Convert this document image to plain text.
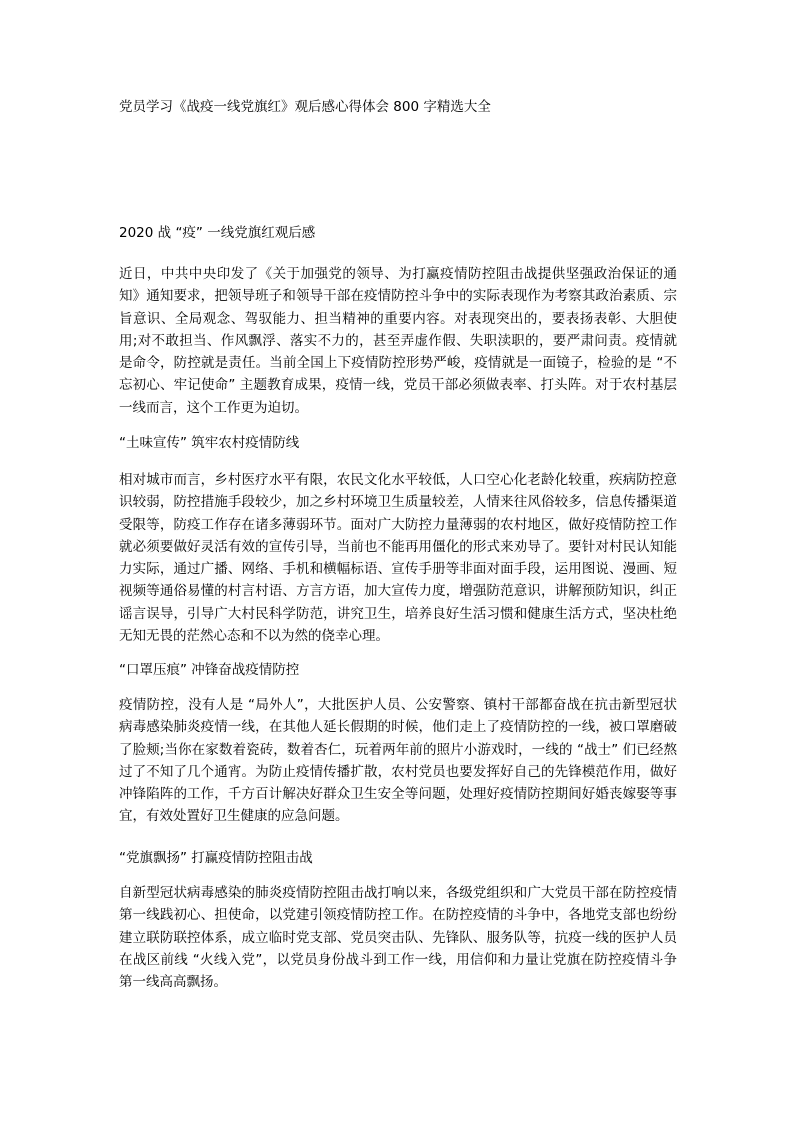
党员学习《战疫一线党旗红》观后感心得体会 800 字精选大全
2020 战 “疫” 一线党旗红观后感
近日，中共中央印发了《关于加强党的领导、为打赢疫情防控阻击战提供坚强政治保证的通知》通知要求，把领导班子和领导干部在疫情防控斗争中的实际表现作为考察其政治素质、宗旨意识、全局观念、驾驭能力、担当精神的重要内容。对表现突出的，要表扬表彰、大胆使用;对不敢担当、作风飘浮、落实不力的，甚至弄虚作假、失职渎职的，要严肃问责。疫情就是命令，防控就是责任。当前全国上下疫情防控形势严峻，疫情就是一面镜子，检验的是 “不忘初心、牢记使命” 主题教育成果，疫情一线，党员干部必须做表率、打头阵。对于农村基层一线而言，这个工作更为迫切。
“土味宣传” 筑牢农村疫情防线
相对城市而言，乡村医疗水平有限，农民文化水平较低，人口空心化老龄化较重，疾病防控意识较弱，防控措施手段较少，加之乡村环境卫生质量较差，人情来往风俗较多，信息传播渠道受限等，防疫工作存在诸多薄弱环节。面对广大防控力量薄弱的农村地区，做好疫情防控工作就必须要做好灵活有效的宣传引导，当前也不能再用僵化的形式来劝导了。要针对村民认知能力实际，通过广播、网络、手机和横幅标语、宣传手册等非面对面手段，运用图说、漫画、短视频等通俗易懂的村言村语、方言方语，加大宣传力度，增强防范意识，讲解预防知识，纠正谣言误导，引导广大村民科学防范，讲究卫生，培养良好生活习惯和健康生活方式，坚决杜绝无知无畏的茫然心态和不以为然的侥幸心理。
“口罩压痕” 冲锋奋战疫情防控
疫情防控，没有人是 “局外人”，大批医护人员、公安警察、镇村干部都奋战在抗击新型冠状病毒感染肺炎疫情一线，在其他人延长假期的时候，他们走上了疫情防控的一线，被口罩磨破了脸颊;当你在家数着瓷砖，数着杏仁，玩着两年前的照片小游戏时，一线的 “战士” 们已经熬过了不知了几个通宵。为防止疫情传播扩散，农村党员也要发挥好自己的先锋模范作用，做好冲锋陷阵的工作，千方百计解决好群众卫生安全等问题，处理好疫情防控期间好婚丧嫁娶等事宜，有效处置好卫生健康的应急问题。
“党旗飘扬” 打赢疫情防控阻击战
自新型冠状病毒感染的肺炎疫情防控阻击战打响以来，各级党组织和广大党员干部在防控疫情第一线践初心、担使命，以党建引领疫情防控工作。在防控疫情的斗争中，各地党支部也纷纷建立联防联控体系，成立临时党支部、党员突击队、先锋队、服务队等，抗疫一线的医护人员在战区前线 “火线入党”，以党员身份战斗到工作一线，用信仰和力量让党旗在防控疫情斗争第一线高高飘扬。
